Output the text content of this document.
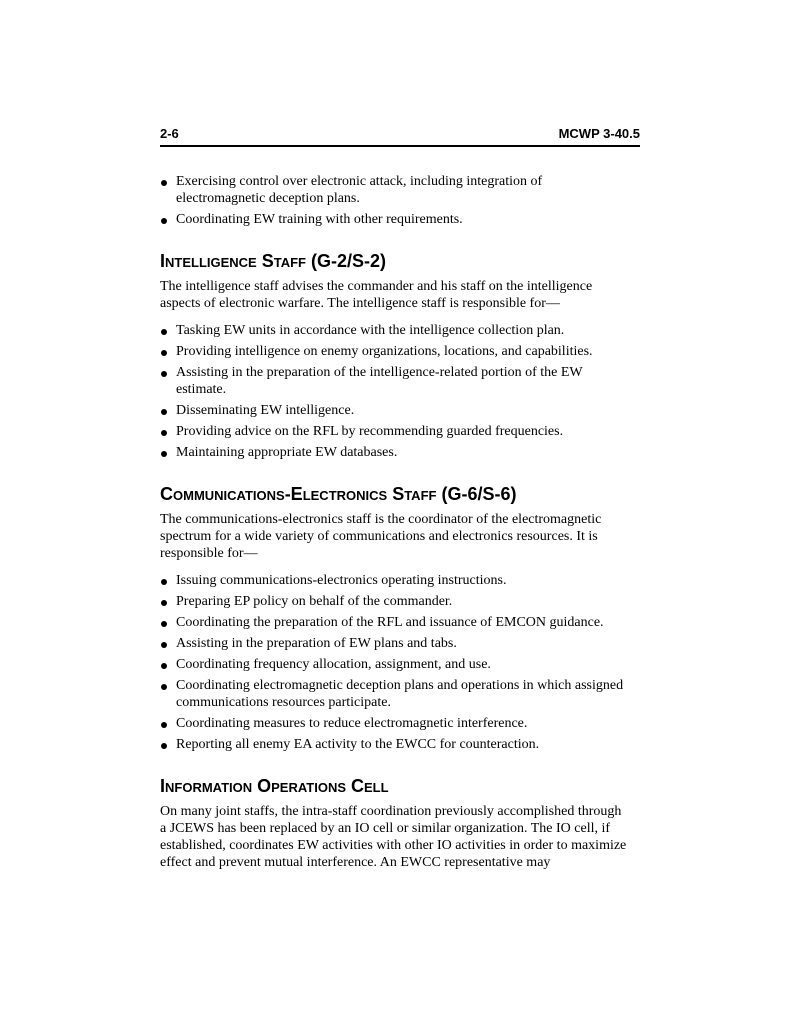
2-6	MCWP 3-40.5
Exercising control over electronic attack, including integration of electromagnetic deception plans.
Coordinating EW training with other requirements.
Intelligence Staff (G-2/S-2)

The intelligence staff advises the commander and his staff on the intelligence aspects of electronic warfare. The intelligence staff is responsible for—

Tasking EW units in accordance with the intelligence collection plan.
Providing intelligence on enemy organizations, locations, and capabilities.
Assisting in the preparation of the intelligence-related portion of the EW estimate.
Disseminating EW intelligence.
Providing advice on the RFL by recommending guarded frequencies.
Maintaining appropriate EW databases.
Communications-Electronics Staff (G-6/S-6)

The communications-electronics staff is the coordinator of the electromagnetic spectrum for a wide variety of communications and electronics resources. It is responsible for—

Issuing communications-electronics operating instructions.
Preparing EP policy on behalf of the commander.
Coordinating the preparation of the RFL and issuance of EMCON guidance.
Assisting in the preparation of EW plans and tabs.
Coordinating frequency allocation, assignment, and use.
Coordinating electromagnetic deception plans and operations in which assigned communications resources participate.
Coordinating measures to reduce electromagnetic interference.
Reporting all enemy EA activity to the EWCC for counteraction.
Information Operations Cell

On many joint staffs, the intra-staff coordination previously accomplished through a JCEWS has been replaced by an IO cell or similar organization. The IO cell, if established, coordinates EW activities with other IO activities in order to maximize effect and prevent mutual interference. An EWCC representative may
